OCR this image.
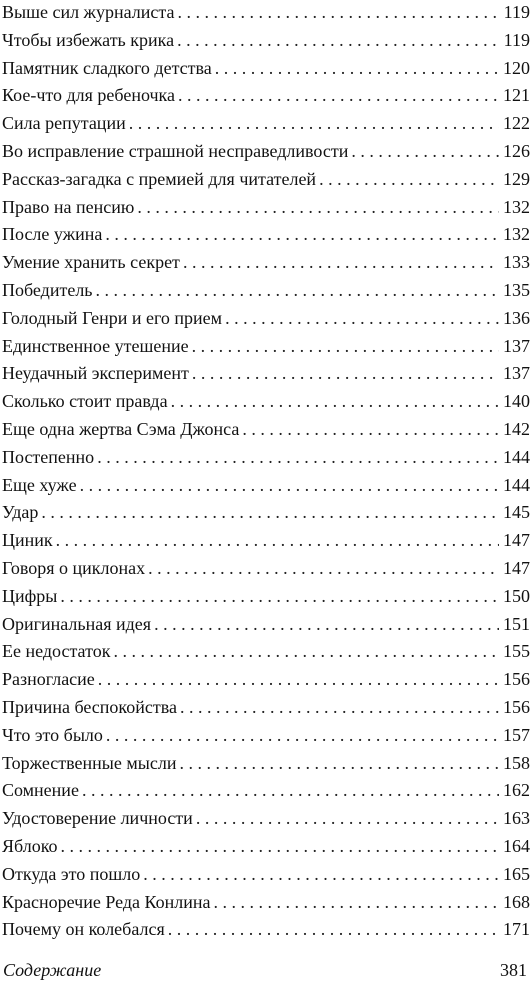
Выше сил журналиста . . .	119
Чтобы избежать крика . . .	119
Памятник сладкого детства . . .	120
Кое-что для ребеночка . . .	121
Сила репутации . . .	122
Во исправление страшной несправедливости . . .	126
Рассказ-загадка с премией для читателей . . .	129
Право на пенсию . . .	132
После ужина . . .	132
Умение хранить секрет . . .	133
Победитель . . .	135
Голодный Генри и его прием . . .	136
Единственное утешение . . .	137
Неудачный эксперимент . . .	137
Сколько стоит правда . . .	140
Еще одна жертва Сэма Джонса . . .	142
Постепенно . . .	144
Еще хуже . . .	144
Удар . . .	145
Циник . . .	147
Говоря о циклонах . . .	147
Цифры . . .	150
Оригинальная идея . . .	151
Ее недостаток . . .	155
Разногласие . . .	156
Причина беспокойства . . .	156
Что это было . . .	157
Торжественные мысли . . .	158
Сомнение . . .	162
Удостоверение личности . . .	163
Яблоко . . .	164
Откуда это пошло . . .	165
Красноречие Реда Конлина . . .	168
Почему он колебался . . .	171
Содержание	381
